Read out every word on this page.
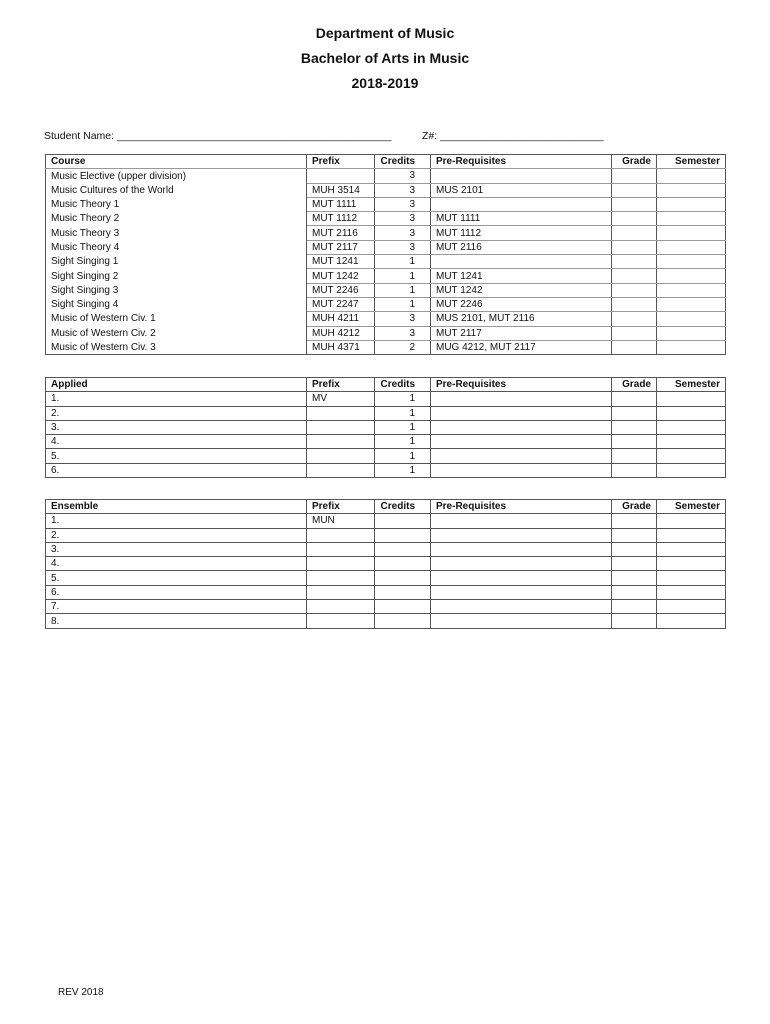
Department of Music
Bachelor of Arts in Music
2018-2019
Student Name: _______________________________________________	Z#: ____________________________
Course	Prefix	Credits	Pre-Requisites	Grade	Semester
Music Elective (upper division)		3			
Music Cultures of the World	MUH 3514	3	MUS 2101		
Music Theory 1	MUT 1111	3			
Music Theory 2	MUT 1112	3	MUT 1111		
Music Theory 3	MUT 2116	3	MUT 1112		
Music Theory 4	MUT 2117	3	MUT 2116		
Sight Singing 1	MUT 1241	1			
Sight Singing 2	MUT 1242	1	MUT 1241		
Sight Singing 3	MUT 2246	1	MUT 1242		
Sight Singing 4	MUT 2247	1	MUT 2246		
Music of Western Civ. 1	MUH 4211	3	MUS 2101, MUT 2116		
Music of Western Civ. 2	MUH 4212	3	MUT 2117		
Music of Western Civ. 3	MUH 4371	2	MUG 4212, MUT 2117		
Applied	Prefix	Credits	Pre-Requisites	Grade	Semester
1.	MV	1			
2.		1			
3.		1			
4.		1			
5.		1			
6.		1			
Ensemble	Prefix	Credits	Pre-Requisites	Grade	Semester
1.	MUN				
2.					
3.					
4.					
5.					
6.					
7.					
8.					
REV 2018
